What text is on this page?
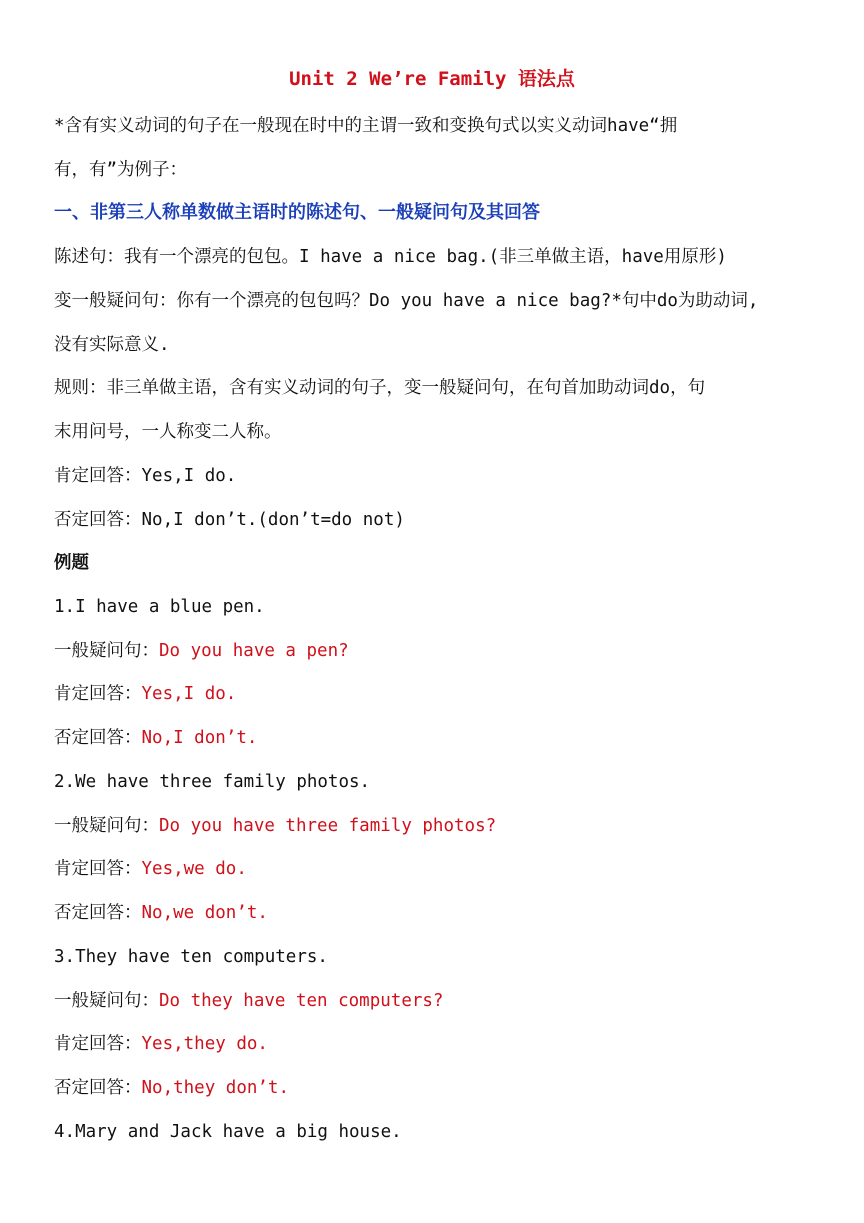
Unit 2 We’re Family 语法点
*含有实义动词的句子在一般现在时中的主谓一致和变换句式以实义动词have“拥
有，有”为例子：
一、非第三人称单数做主语时的陈述句、一般疑问句及其回答
陈述句：我有一个漂亮的包包。I have a nice bag.(非三单做主语，have用原形)
变一般疑问句：你有一个漂亮的包包吗？Do you have a nice bag?*句中do为助动词,
没有实际意义.
规则：非三单做主语，含有实义动词的句子，变一般疑问句，在句首加助动词do，句
末用问号，一人称变二人称。
肯定回答：Yes,I do.
否定回答：No,I don’t.(don’t=do not)
例题
1.I have a blue pen.
一般疑问句：Do you have a pen?
肯定回答：Yes,I do.
否定回答：No,I don’t.
2.We have three family photos.
一般疑问句：Do you have three family photos?
肯定回答：Yes,we do.
否定回答：No,we don’t.
3.They have ten computers.
一般疑问句：Do they have ten computers?
肯定回答：Yes,they do.
否定回答：No,they don’t.
4.Mary and Jack have a big house.
